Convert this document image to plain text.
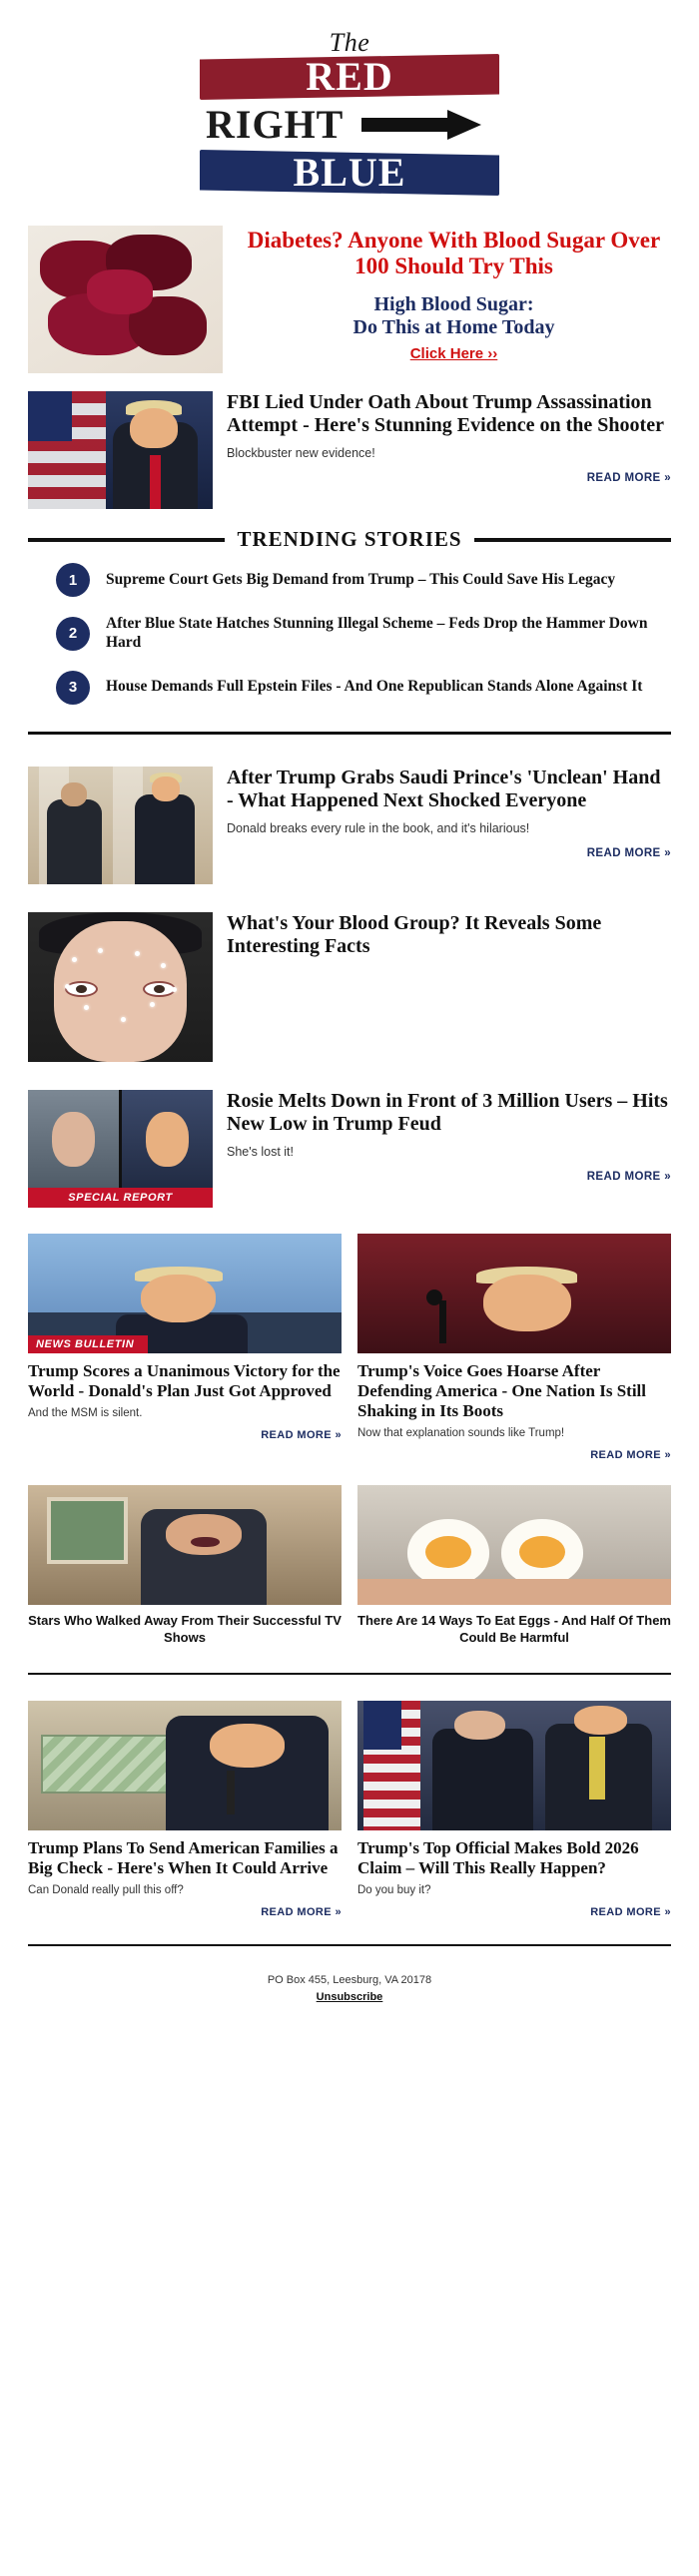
The
RED
RIGHT
BLUE
Diabetes? Anyone With Blood Sugar Over 100 Should Try This
High Blood Sugar:
Do This at Home Today
Click Here ››
FBI Lied Under Oath About Trump Assassination Attempt - Here's Stunning Evidence on the Shooter

Blockbuster new evidence!

READ MORE »
TRENDING STORIES
1	Supreme Court Gets Big Demand from Trump – This Could Save His Legacy
2
After Blue State Hatches Stunning Illegal Scheme – Feds Drop the Hammer Down Hard
3	House Demands Full Epstein Files - And One Republican Stands Alone Against It
After Trump Grabs Saudi Prince's 'Unclean' Hand - What Happened Next Shocked Everyone

Donald breaks every rule in the book, and it's hilarious!

READ MORE »
What's Your Blood Group? It Reveals Some Interesting Facts
SPECIAL REPORT
Rosie Melts Down in Front of 3 Million Users – Hits New Low in Trump Feud

She's lost it!

READ MORE »
NEWS BULLETIN
Trump Scores a Unanimous Victory for the World - Donald's Plan Just Got Approved

And the MSM is silent.

READ MORE »
Trump's Voice Goes Hoarse After Defending America - One Nation Is Still Shaking in Its Boots

Now that explanation sounds like Trump!

READ MORE »
Stars Who Walked Away From Their Successful TV Shows
There Are 14 Ways To Eat Eggs - And Half Of Them Could Be Harmful
Trump Plans To Send American Families a Big Check - Here's When It Could Arrive

Can Donald really pull this off?

READ MORE »
Trump's Top Official Makes Bold 2026 Claim – Will This Really Happen?

Do you buy it?

READ MORE »
PO Box 455, Leesburg, VA 20178
Unsubscribe
